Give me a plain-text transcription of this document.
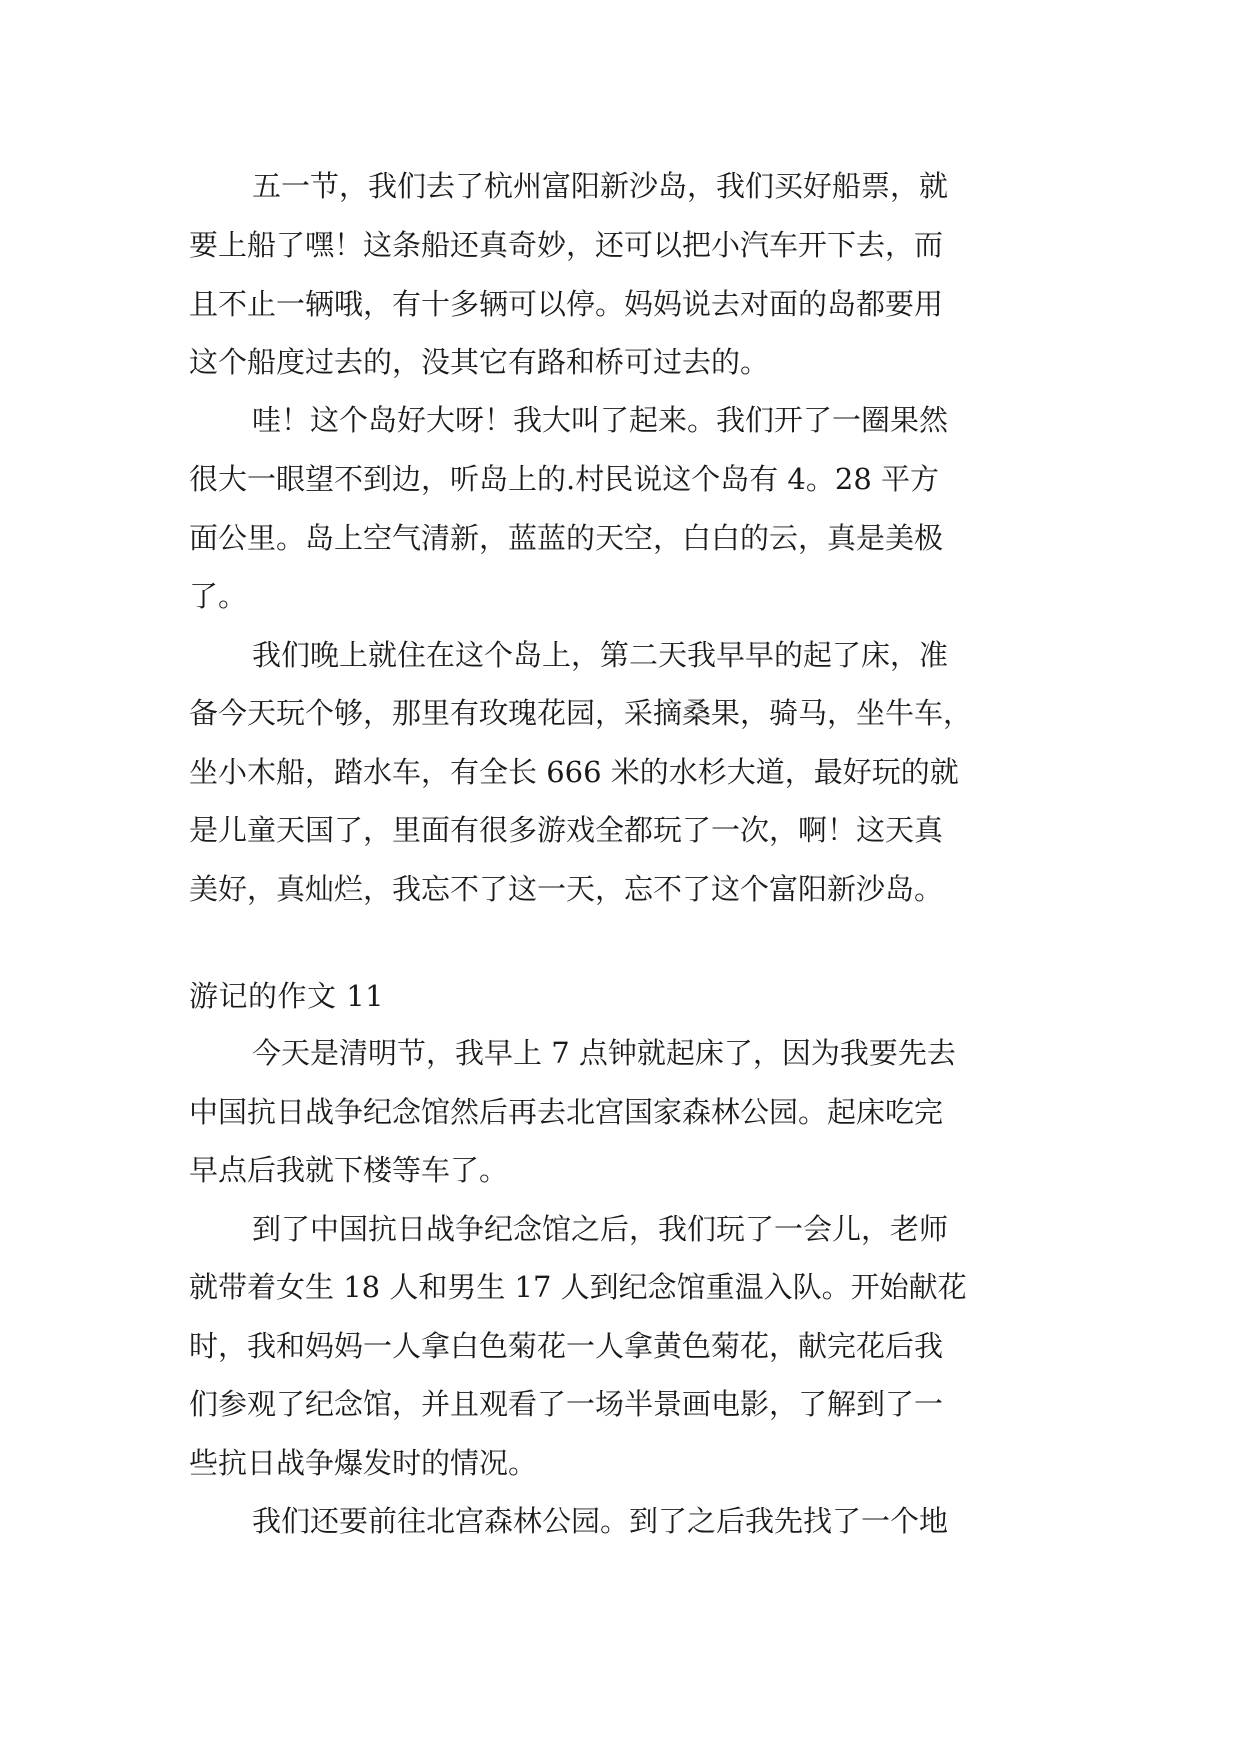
五一节，我们去了杭州富阳新沙岛，我们买好船票，就
要上船了嘿！这条船还真奇妙，还可以把小汽车开下去，而
且不止一辆哦，有十多辆可以停。妈妈说去对面的岛都要用
这个船度过去的，没其它有路和桥可过去的。
哇！这个岛好大呀！我大叫了起来。我们开了一圈果然
很大一眼望不到边，听岛上的.村民说这个岛有 4。28 平方
面公里。岛上空气清新，蓝蓝的天空，白白的云，真是美极
了。
我们晚上就住在这个岛上，第二天我早早的起了床，准
备今天玩个够，那里有玫瑰花园，采摘桑果，骑马，坐牛车，
坐小木船，踏水车，有全长 666 米的水杉大道，最好玩的就
是儿童天国了，里面有很多游戏全都玩了一次，啊！这天真
美好，真灿烂，我忘不了这一天，忘不了这个富阳新沙岛。
游记的作文 11
今天是清明节，我早上 7 点钟就起床了，因为我要先去
中国抗日战争纪念馆然后再去北宫国家森林公园。起床吃完
早点后我就下楼等车了。
到了中国抗日战争纪念馆之后，我们玩了一会儿，老师
就带着女生 18 人和男生 17 人到纪念馆重温入队。开始献花
时，我和妈妈一人拿白色菊花一人拿黄色菊花，献完花后我
们参观了纪念馆，并且观看了一场半景画电影，了解到了一
些抗日战争爆发时的情况。
我们还要前往北宫森林公园。到了之后我先找了一个地
